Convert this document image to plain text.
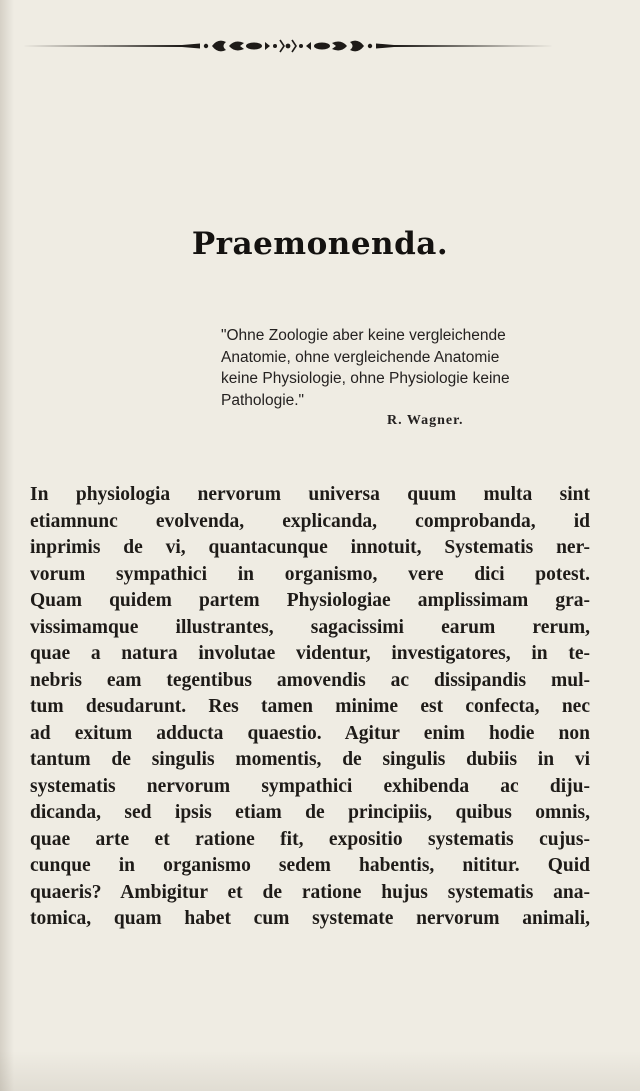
Praemonenda.
"Ohne Zoologie aber keine vergleichende
Anatomie, ohne vergleichende Anatomie
keine Physiologie, ohne Physiologie keine
Pathologie."
R. Wagner.
In physiologia nervorum universa quum multa sint
etiamnunc evolvenda, explicanda, comprobanda, id
inprimis de vi, quantacunque innotuit, Systematis ner-
vorum sympathici in organismo, vere dici potest.
Quam quidem partem Physiologiae amplissimam gra-
vissimamque illustrantes, sagacissimi earum rerum,
quae a natura involutae videntur, investigatores, in te-
nebris eam tegentibus amovendis ac dissipandis mul-
tum desudarunt. Res tamen minime est confecta, nec
ad exitum adducta quaestio. Agitur enim hodie non
tantum de singulis momentis, de singulis dubiis in vi
systematis nervorum sympathici exhibenda ac diju-
dicanda, sed ipsis etiam de principiis, quibus omnis,
quae arte et ratione fit, expositio systematis cujus-
cunque in organismo sedem habentis, nititur. Quid
quaeris? Ambigitur et de ratione hujus systematis ana-
tomica, quam habet cum systemate nervorum animali,
